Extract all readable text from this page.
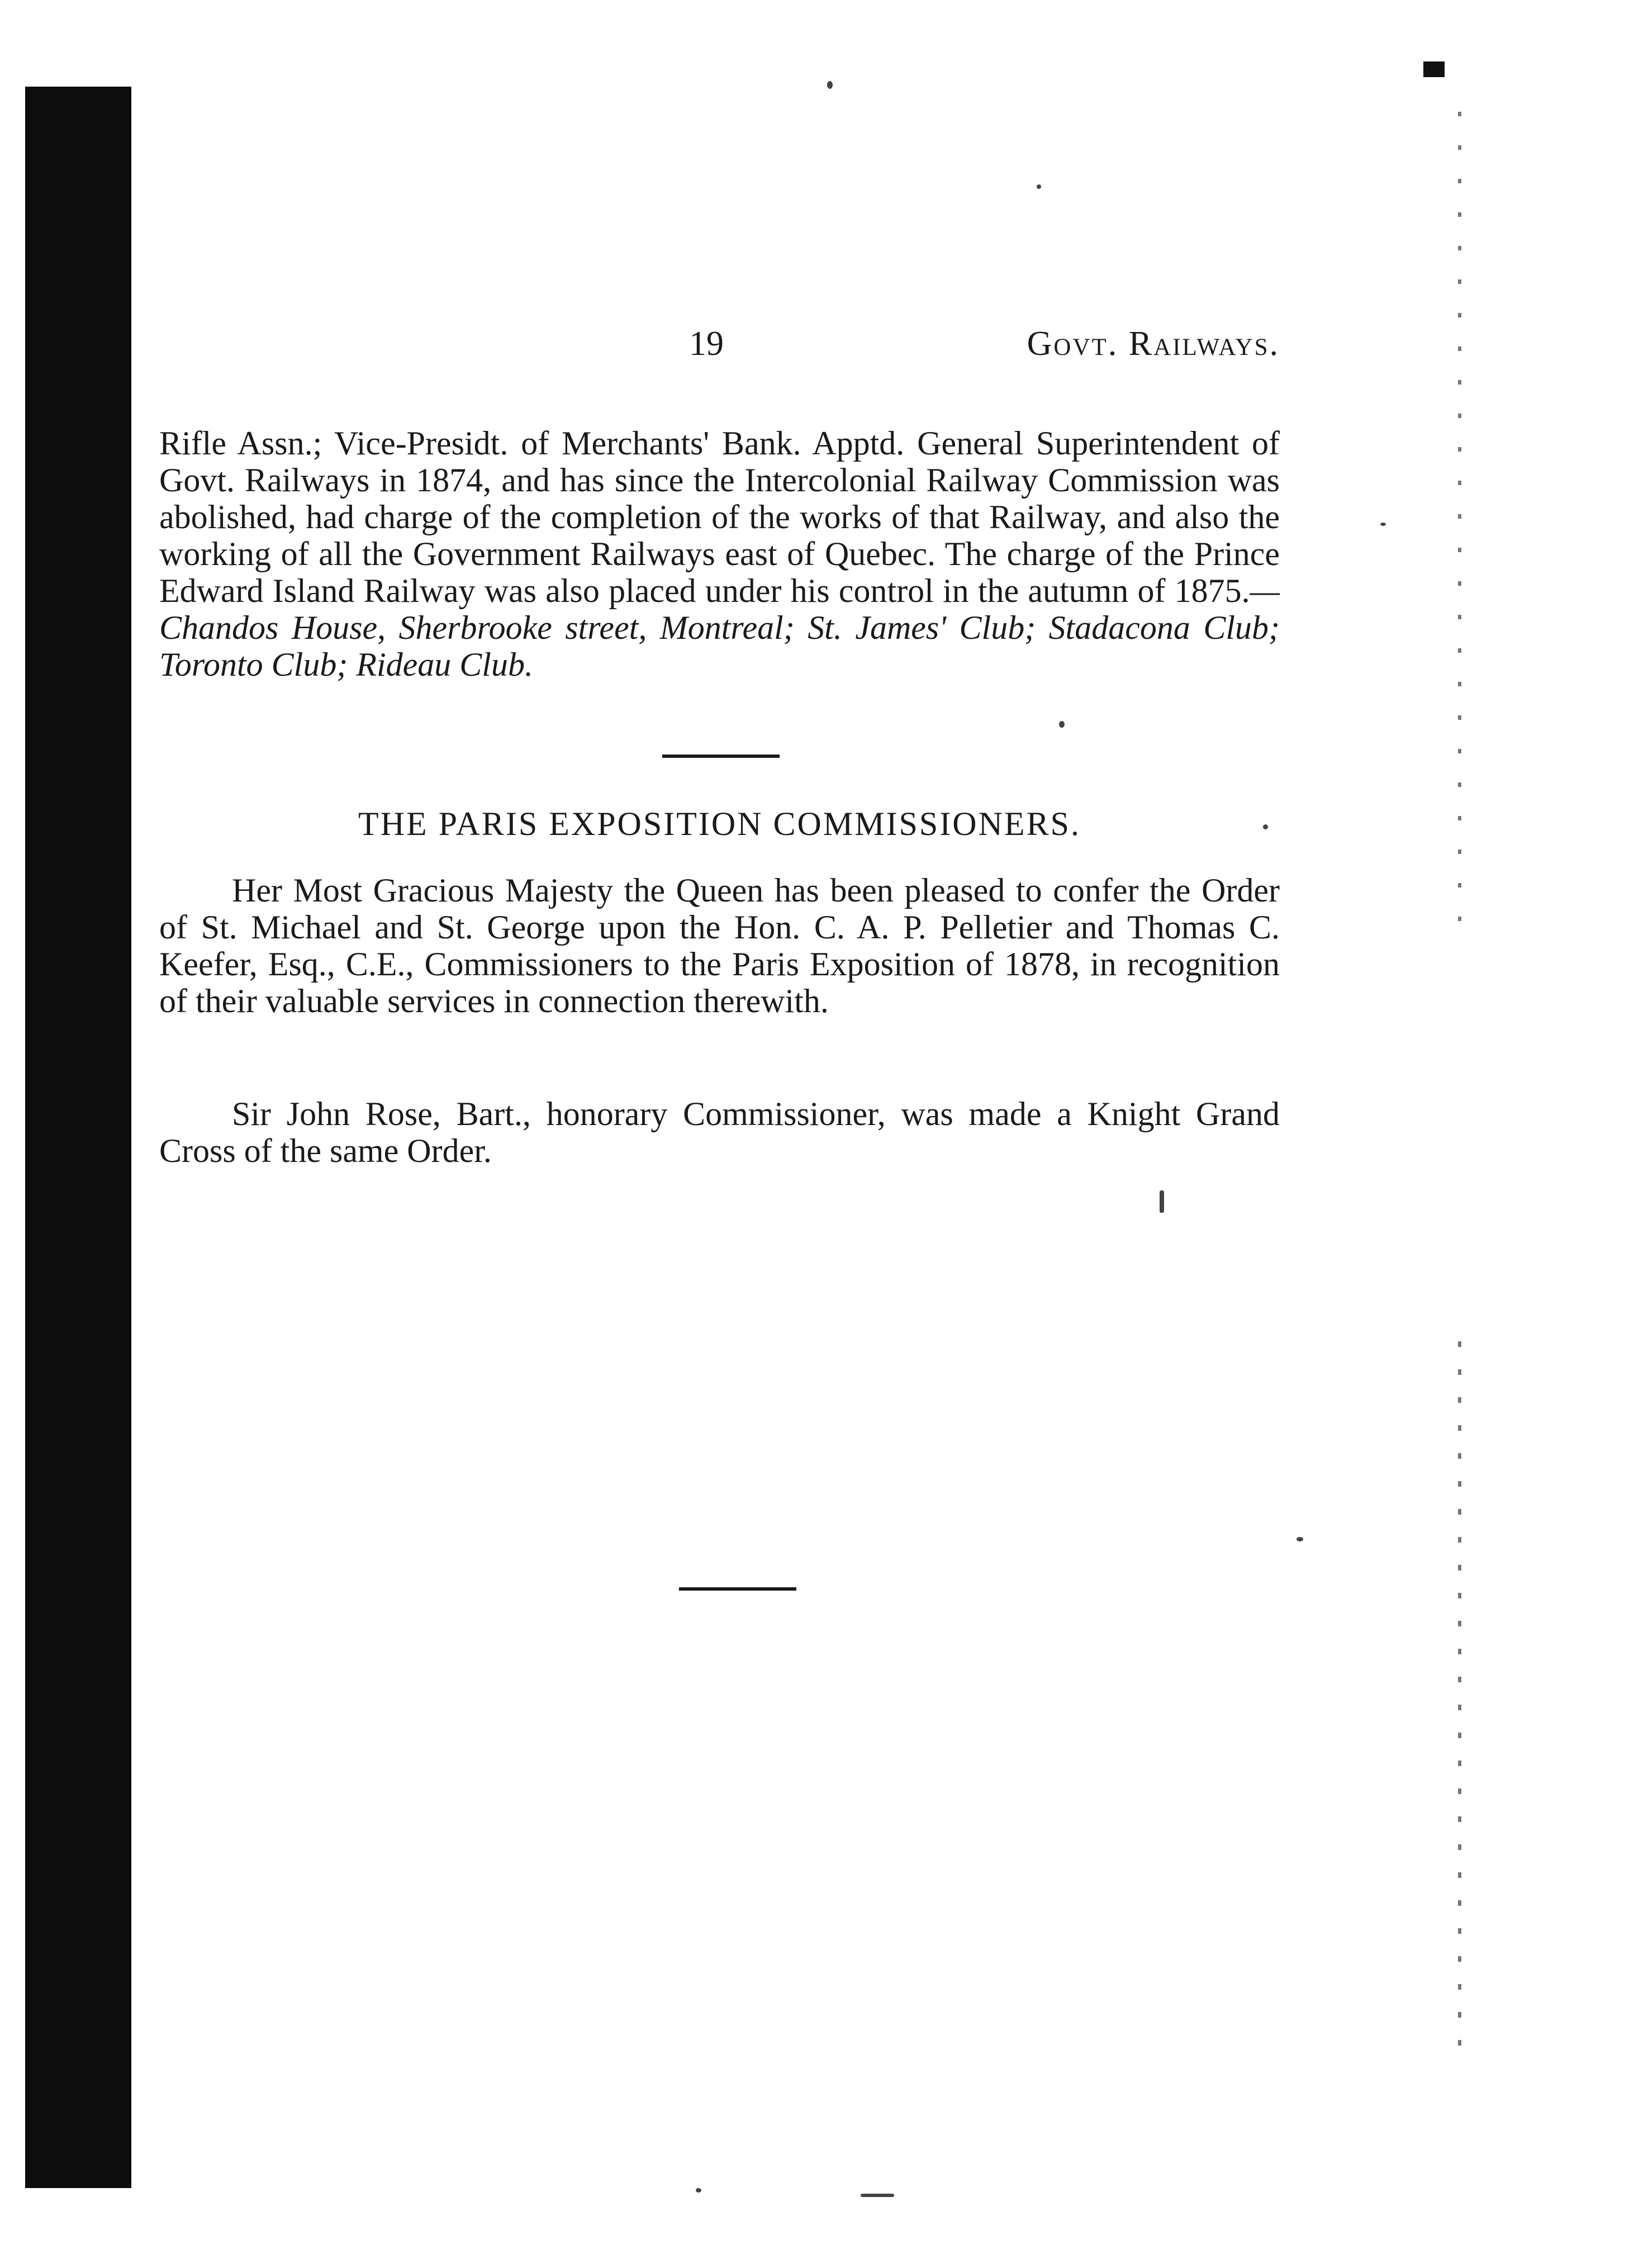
19	Govt. Railways.

Rifle Assn.; Vice-Presidt. of Merchants' Bank. Apptd. General Superintendent of Govt. Railways in 1874, and has since the Intercolonial Railway Commission was abolished, had charge of the completion of the works of that Railway, and also the working of all the Government Railways east of Quebec. The charge of the Prince Edward Island Railway was also placed under his control in the autumn of 1875.—Chandos House, Sherbrooke street, Montreal; St. James' Club; Stadacona Club; Toronto Club; Rideau Club.

THE PARIS EXPOSITION COMMISSIONERS.

Her Most Gracious Majesty the Queen has been pleased to confer the Order of St. Michael and St. George upon the Hon. C. A. P. Pelletier and Thomas C. Keefer, Esq., C.E., Commissioners to the Paris Exposition of 1878, in recognition of their valuable services in connection therewith.

Sir John Rose, Bart., honorary Commissioner, was made a Knight Grand Cross of the same Order.
